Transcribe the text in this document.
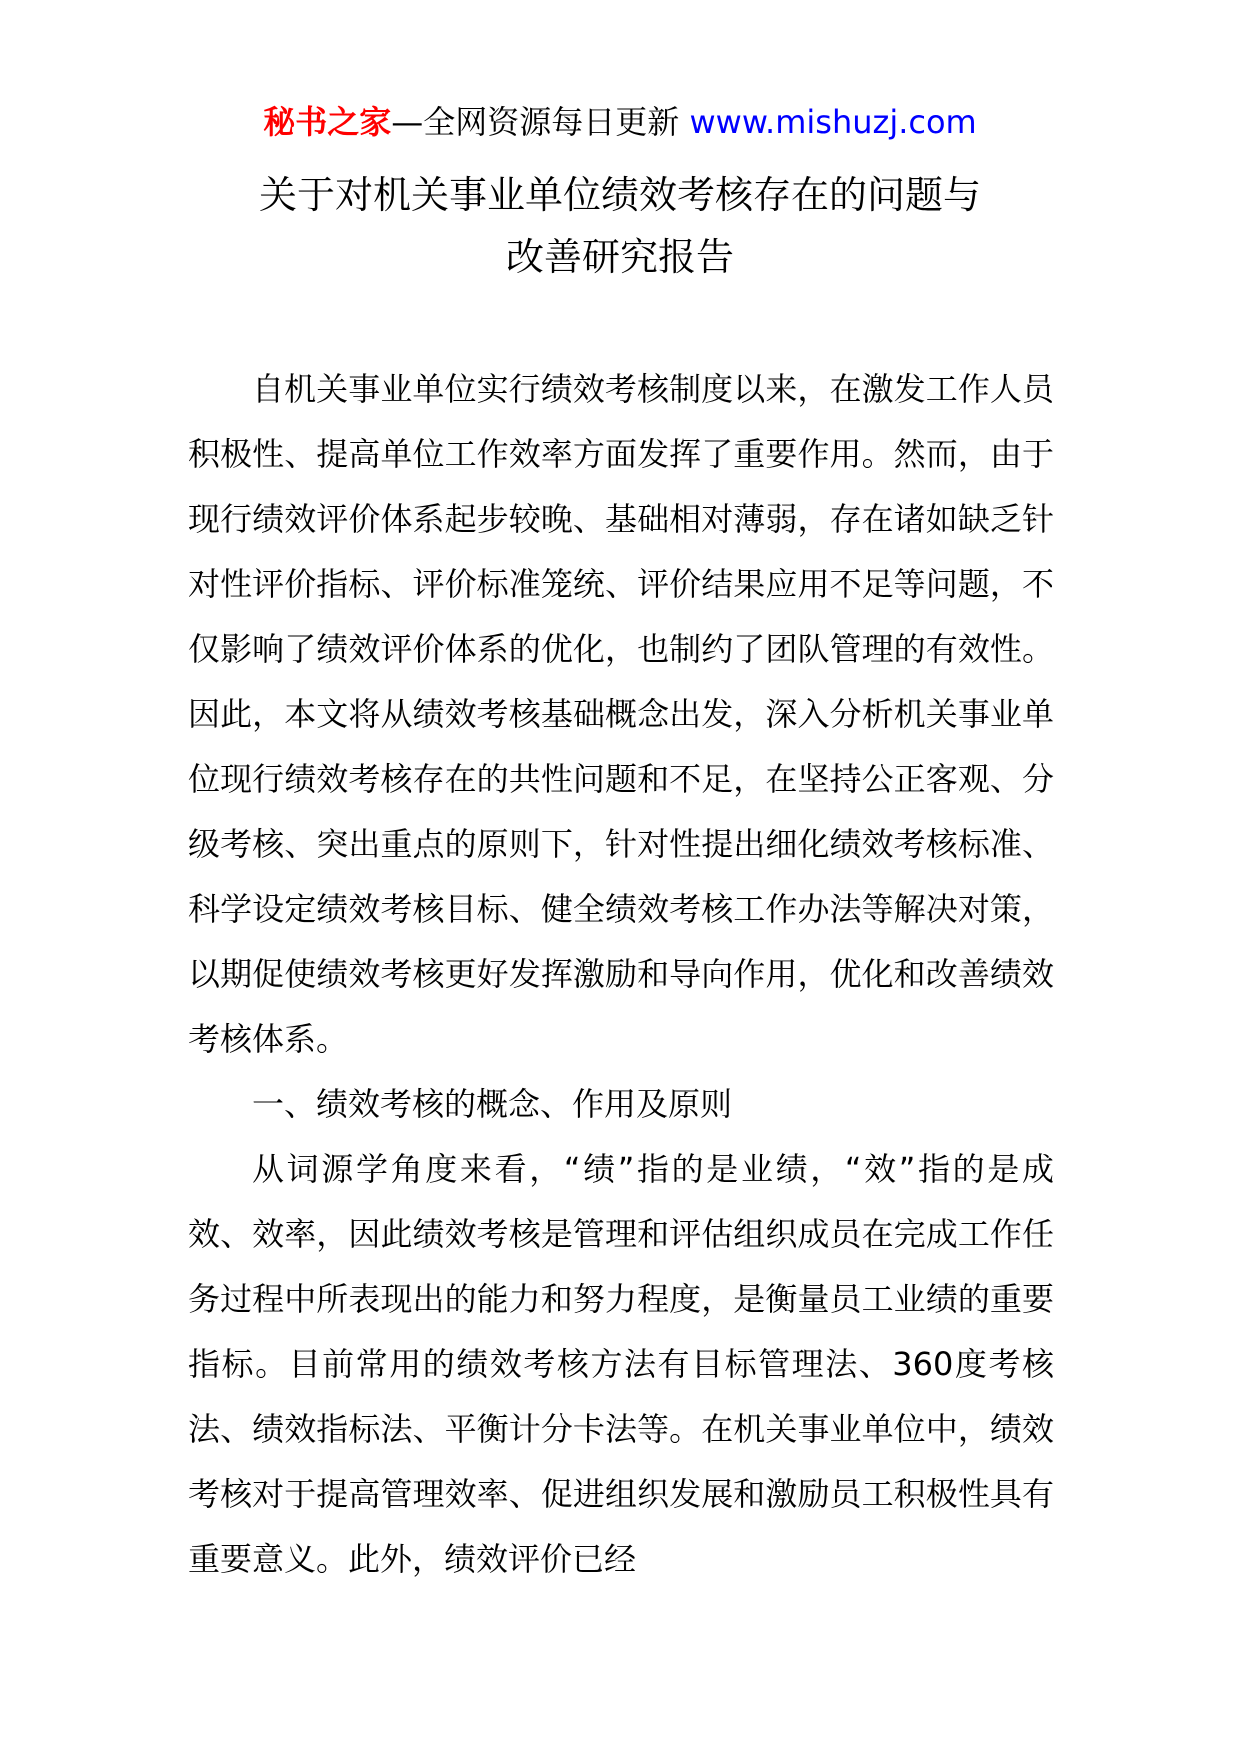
秘书之家—全网资源每日更新 www.mishuzj.com
关于对机关事业单位绩效考核存在的问题与
改善研究报告

自机关事业单位实行绩效考核制度以来，在激发工作人员积极性、提高单位工作效率方面发挥了重要作用。然而，由于现行绩效评价体系起步较晚、基础相对薄弱，存在诸如缺乏针对性评价指标、评价标准笼统、评价结果应用不足等问题，不仅影响了绩效评价体系的优化，也制约了团队管理的有效性。因此，本文将从绩效考核基础概念出发，深入分析机关事业单位现行绩效考核存在的共性问题和不足，在坚持公正客观、分级考核、突出重点的原则下，针对性提出细化绩效考核标准、科学设定绩效考核目标、健全绩效考核工作办法等解决对策，以期促使绩效考核更好发挥激励和导向作用，优化和改善绩效考核体系。

一、绩效考核的概念、作用及原则

从词源学角度来看，“绩”指的是业绩，“效”指的是成效、效率，因此绩效考核是管理和评估组织成员在完成工作任务过程中所表现出的能力和努力程度，是衡量员工业绩的重要指标。目前常用的绩效考核方法有目标管理法、360度考核法、绩效指标法、平衡计分卡法等。在机关事业单位中，绩效考核对于提高管理效率、促进组织发展和激励员工积极性具有重要意义。此外，绩效评价已经
